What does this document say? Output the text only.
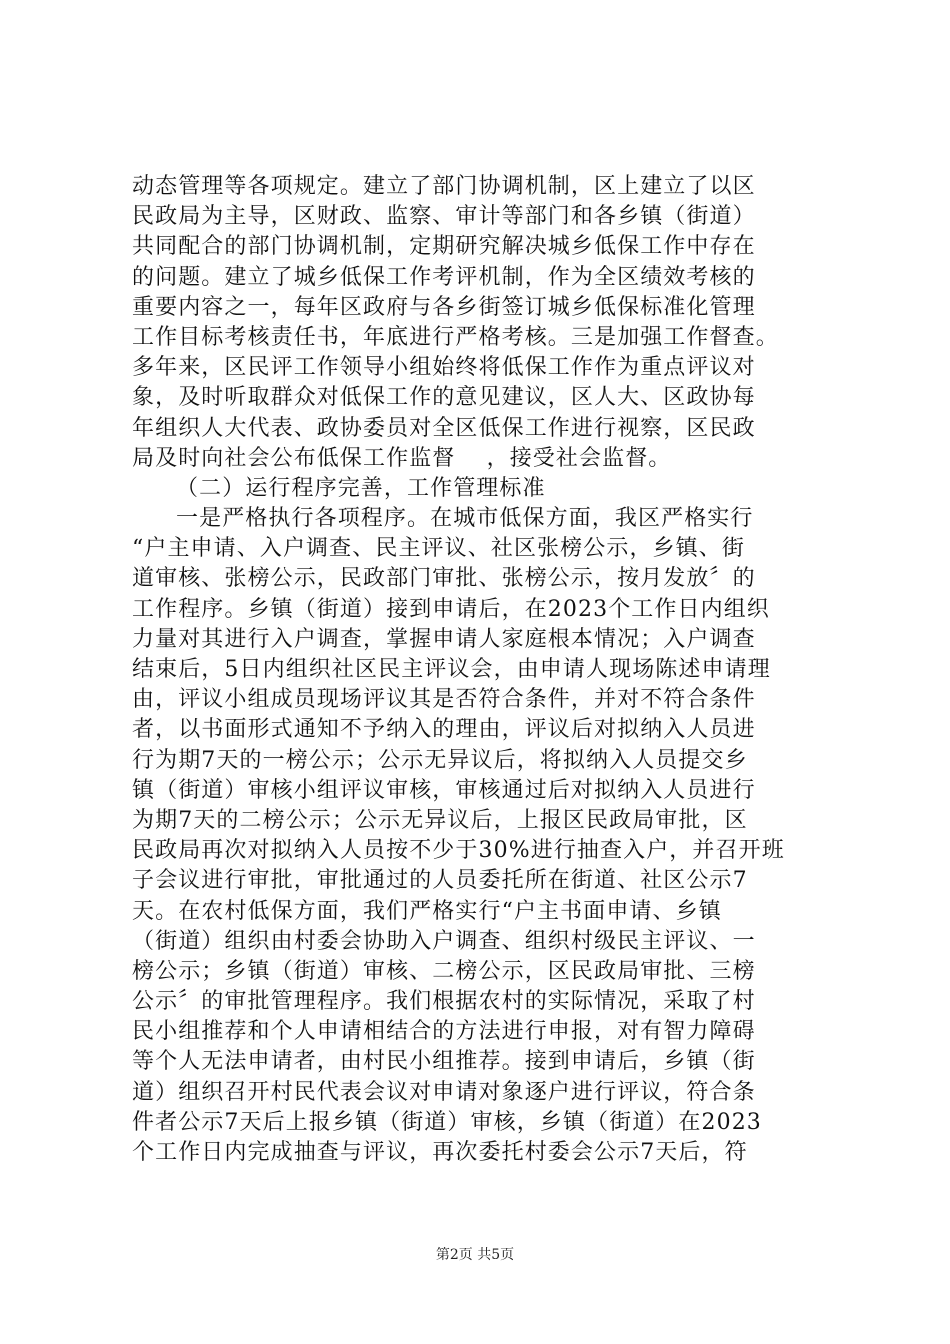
动态管理等各项规定。建立了部门协调机制，区上建立了以区
民政局为主导，区财政、监察、审计等部门和各乡镇（街道）
共同配合的部门协调机制，定期研究解决城乡低保工作中存在
的问题。建立了城乡低保工作考评机制，作为全区绩效考核的
重要内容之一，每年区政府与各乡街签订城乡低保标准化管理
工作目标考核责任书，年底进行严格考核。三是加强工作督查。
多年来，区民评工作领导小组始终将低保工作作为重点评议对
象，及时听取群众对低保工作的意见建议，区人大、区政协每
年组织人大代表、政协委员对全区低保工作进行视察，区民政
局及时向社会公布低保工作监督　 ，接受社会监督。
（二）运行程序完善，工作管理标准
一是严格执行各项程序。在城市低保方面，我区严格实行
“户主申请、入户调查、民主评议、社区张榜公示，乡镇、街
道审核、张榜公示，民政部门审批、张榜公示，按月发放〞的
工作程序。乡镇（街道）接到申请后，在2023个工作日内组织
力量对其进行入户调查，掌握申请人家庭根本情况；入户调查
结束后，5日内组织社区民主评议会，由申请人现场陈述申请理
由，评议小组成员现场评议其是否符合条件，并对不符合条件
者，以书面形式通知不予纳入的理由，评议后对拟纳入人员进
行为期7天的一榜公示；公示无异议后，将拟纳入人员提交乡
镇（街道）审核小组评议审核，审核通过后对拟纳入人员进行
为期7天的二榜公示；公示无异议后，上报区民政局审批，区
民政局再次对拟纳入人员按不少于30%进行抽查入户，并召开班
子会议进行审批，审批通过的人员委托所在街道、社区公示7
天。在农村低保方面，我们严格实行“户主书面申请、乡镇
（街道）组织由村委会协助入户调查、组织村级民主评议、一
榜公示；乡镇（街道）审核、二榜公示，区民政局审批、三榜
公示〞的审批管理程序。我们根据农村的实际情况，采取了村
民小组推荐和个人申请相结合的方法进行申报，对有智力障碍
等个人无法申请者，由村民小组推荐。接到申请后，乡镇（街
道）组织召开村民代表会议对申请对象逐户进行评议，符合条
件者公示7天后上报乡镇（街道）审核，乡镇（街道）在2023
个工作日内完成抽查与评议，再次委托村委会公示7天后，符
第2页 共5页
